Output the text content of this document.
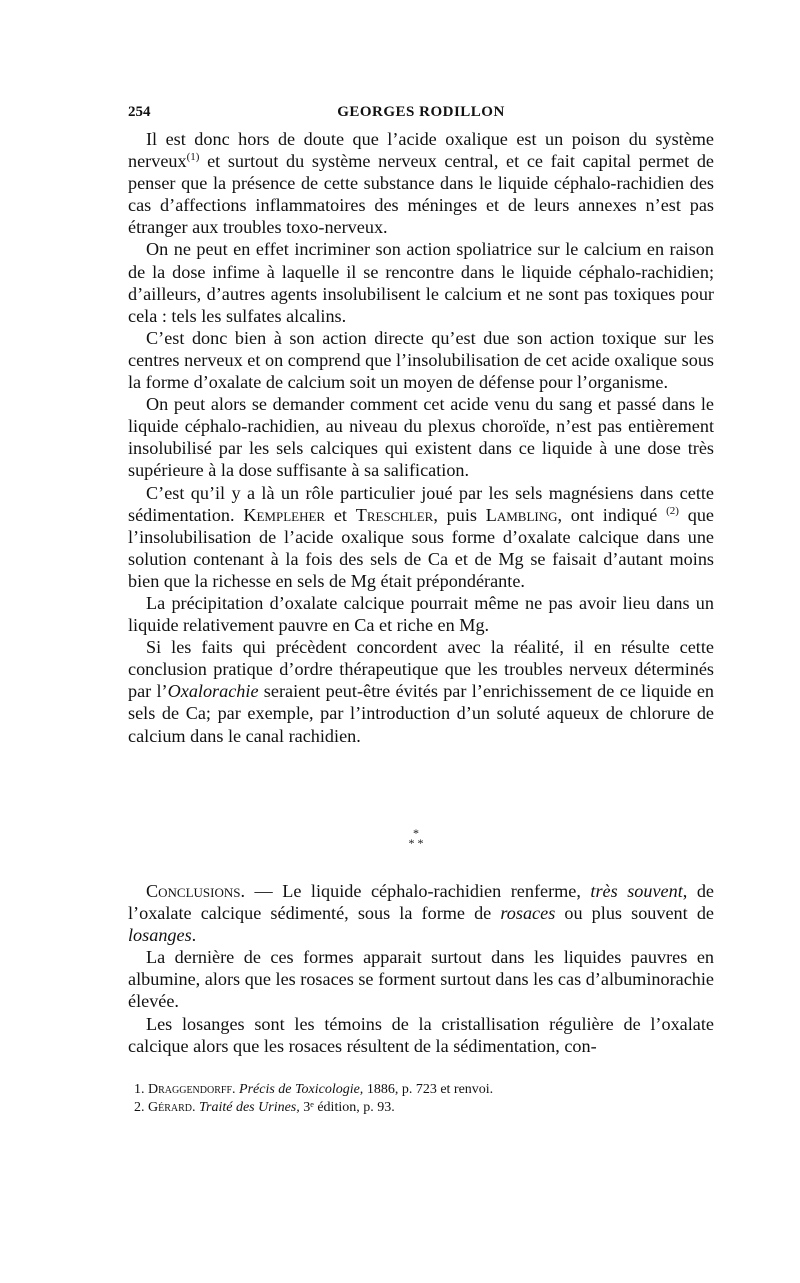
254	GEORGES RODILLON

Il est donc hors de doute que l’acide oxalique est un poison du système nerveux$^{(1)}$ et surtout du système nerveux central, et ce fait capital permet de penser que la présence de cette substance dans le liquide céphalo-rachidien des cas d’affections inflammatoires des méninges et de leurs annexes n’est pas étranger aux troubles toxo-nerveux.

On ne peut en effet incriminer son action spoliatrice sur le calcium en raison de la dose infime à laquelle il se rencontre dans le liquide céphalo-rachidien; d’ailleurs, d’autres agents insolubilisent le calcium et ne sont pas toxiques pour cela : tels les sulfates alcalins.

C’est donc bien à son action directe qu’est due son action toxique sur les centres nerveux et on comprend que l’insolubilisation de cet acide oxalique sous la forme d’oxalate de calcium soit un moyen de défense pour l’organisme.

On peut alors se demander comment cet acide venu du sang et passé dans le liquide céphalo-rachidien, au niveau du plexus choroïde, n’est pas entièrement insolubilisé par les sels calciques qui existent dans ce liquide à une dose très supérieure à la dose suffisante à sa salification.

C’est qu’il y a là un rôle particulier joué par les sels magnésiens dans cette sédimentation. Kempleher et Treschler, puis Lambling, ont indiqué $^{(2)}$ que l’insolubilisation de l’acide oxalique sous forme d’oxalate calcique dans une solution contenant à la fois des sels de Ca et de Mg se faisait d’autant moins bien que la richesse en sels de Mg était prépondérante.

La précipitation d’oxalate calcique pourrait même ne pas avoir lieu dans un liquide relativement pauvre en Ca et riche en Mg.

Si les faits qui précèdent concordent avec la réalité, il en résulte cette conclusion pratique d’ordre thérapeutique que les troubles nerveux déterminés par l’Oxalorachie seraient peut-être évités par l’enrichissement de ce liquide en sels de Ca; par exemple, par l’introduction d’un soluté aqueux de chlorure de calcium dans le canal rachidien.

*
* *

Conclusions. — Le liquide céphalo-rachidien renferme, très souvent, de l’oxalate calcique sédimenté, sous la forme de rosaces ou plus souvent de losanges.

La dernière de ces formes apparait surtout dans les liquides pauvres en albumine, alors que les rosaces se forment surtout dans les cas d’albuminorachie élevée.

Les losanges sont les témoins de la cristallisation régulière de l’oxalate calcique alors que les rosaces résultent de la sédimentation, con-

1. Draggendorff. Précis de Toxicologie, 1886, p. 723 et renvoi.

2. Gérard. Traité des Urines, 3ᵉ édition, p. 93.
